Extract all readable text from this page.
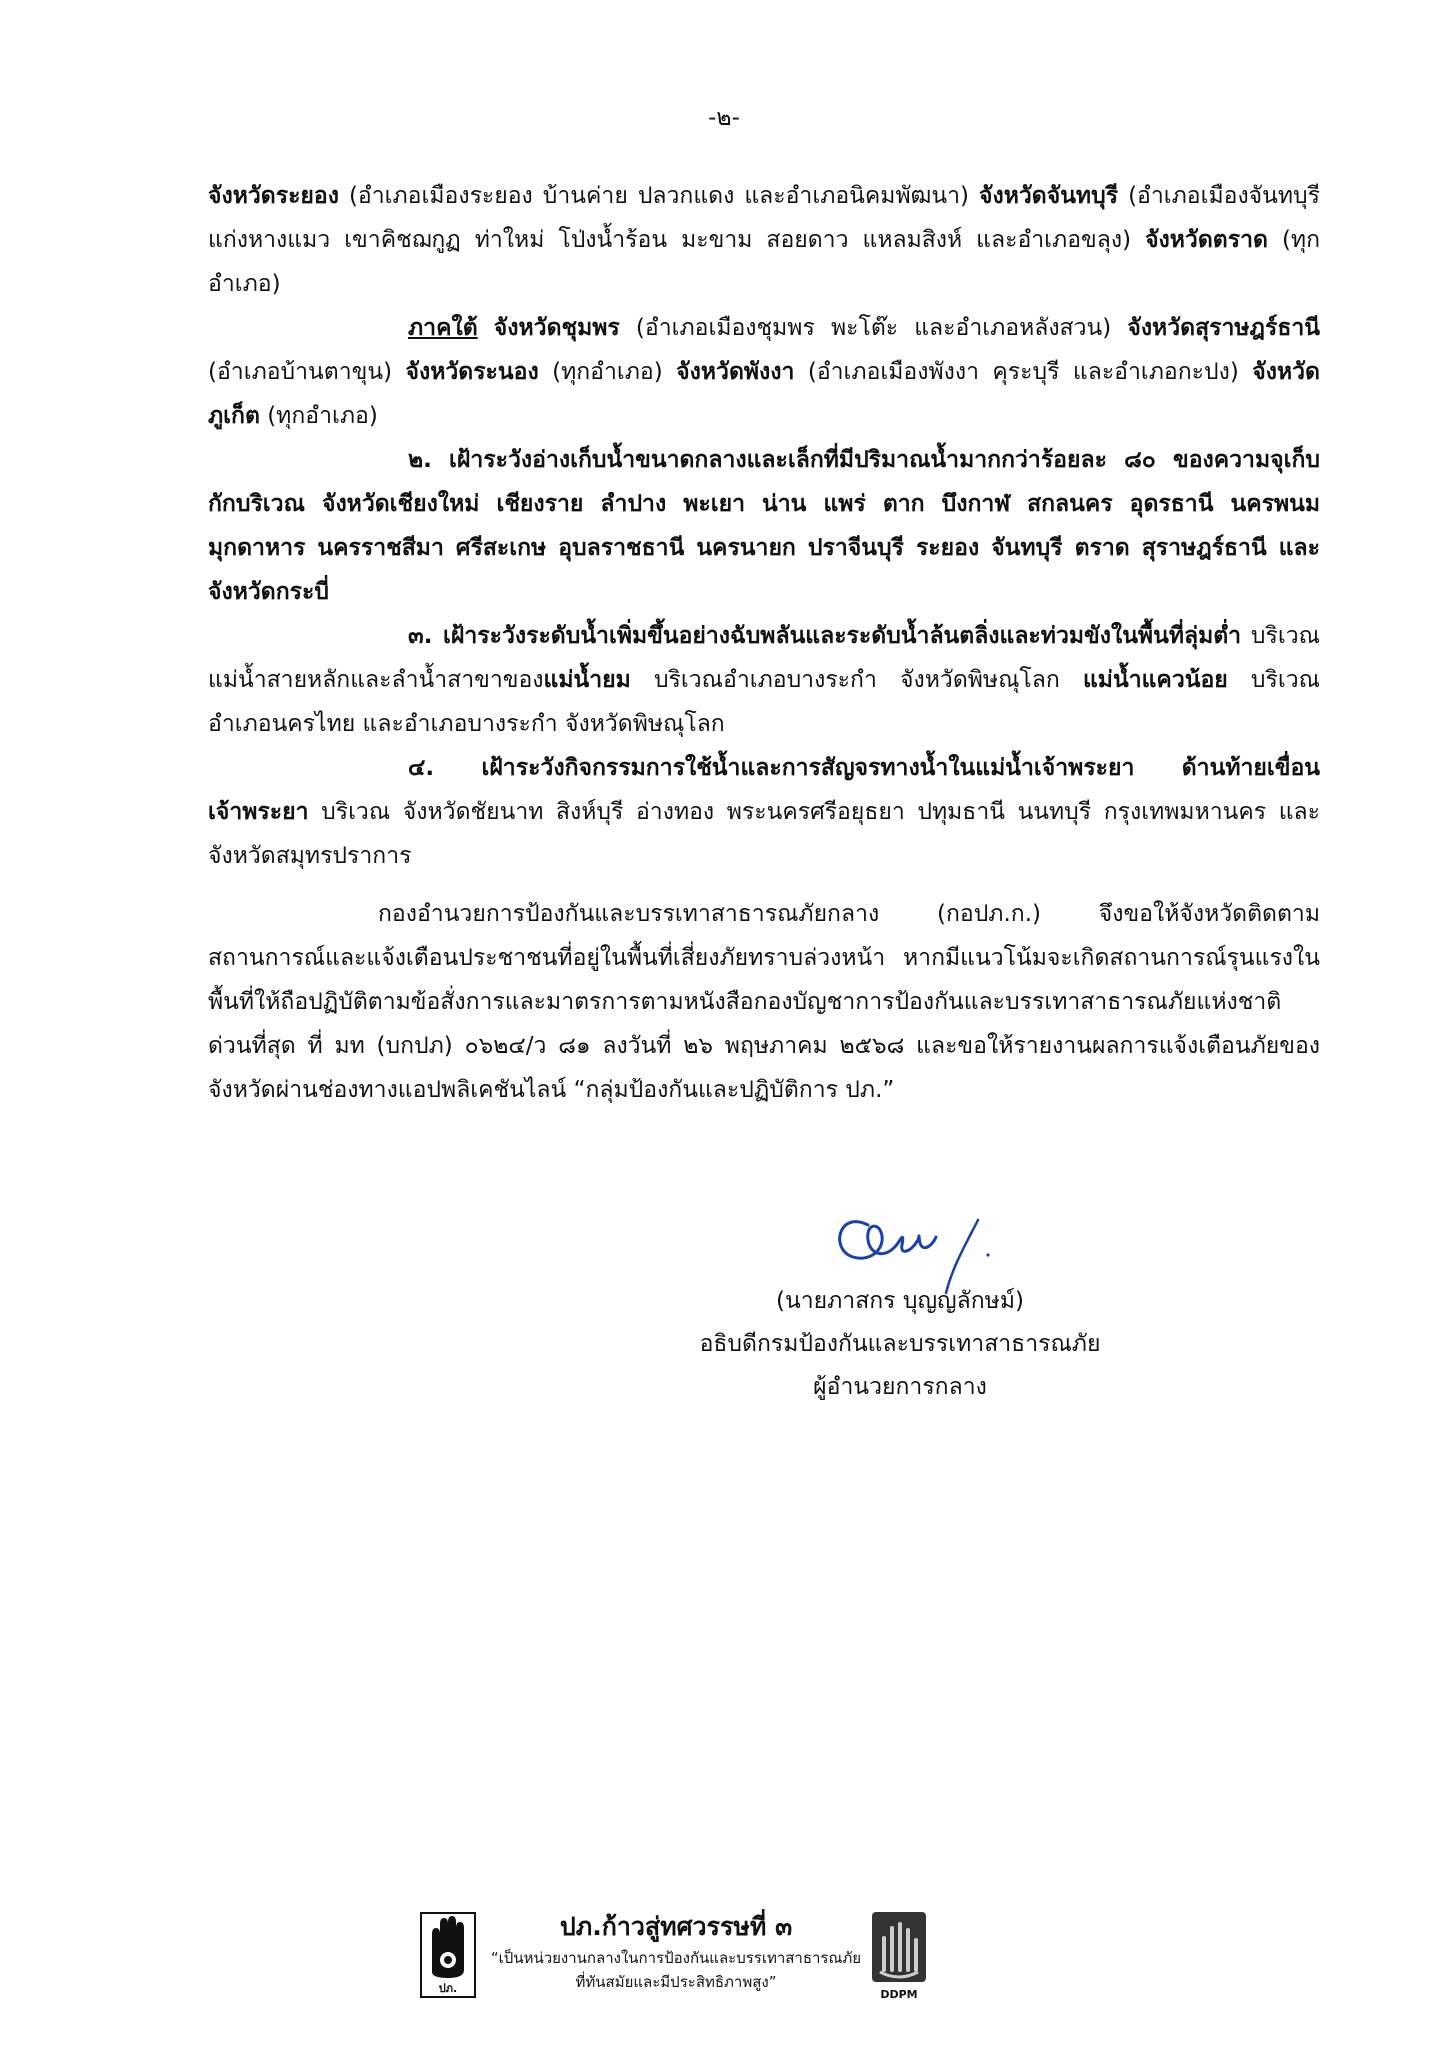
-๒-

จังหวัดระยอง (อำเภอเมืองระยอง บ้านค่าย ปลวกแดง และอำเภอนิคมพัฒนา) จังหวัดจันทบุรี (อำเภอเมืองจันทบุรี แก่งหางแมว เขาคิชฌกูฏ ท่าใหม่ โป่งน้ำร้อน มะขาม สอยดาว แหลมสิงห์ และอำเภอขลุง) จังหวัดตราด (ทุกอำเภอ)

ภาคใต้ จังหวัดชุมพร (อำเภอเมืองชุมพร พะโต๊ะ และอำเภอหลังสวน) จังหวัดสุราษฎร์ธานี (อำเภอบ้านตาขุน) จังหวัดระนอง (ทุกอำเภอ) จังหวัดพังงา (อำเภอเมืองพังงา คุระบุรี และอำเภอกะปง) จังหวัดภูเก็ต (ทุกอำเภอ)

๒. เฝ้าระวังอ่างเก็บน้ำขนาดกลางและเล็กที่มีปริมาณน้ำมากกว่าร้อยละ ๘๐ ของความจุเก็บกักบริเวณ จังหวัดเชียงใหม่ เชียงราย ลำปาง พะเยา น่าน แพร่ ตาก บึงกาฬ สกลนคร อุดรธานี นครพนม มุกดาหาร นครราชสีมา ศรีสะเกษ อุบลราชธานี นครนายก ปราจีนบุรี ระยอง จันทบุรี ตราด สุราษฎร์ธานี และจังหวัดกระบี่

๓. เฝ้าระวังระดับน้ำเพิ่มขึ้นอย่างฉับพลันและระดับน้ำล้นตลิ่งและท่วมขังในพื้นที่ลุ่มต่ำ บริเวณแม่น้ำสายหลักและลำน้ำสาขาของแม่น้ำยม บริเวณอำเภอบางระกำ จังหวัดพิษณุโลก แม่น้ำแควน้อย บริเวณอำเภอนครไทย และอำเภอบางระกำ จังหวัดพิษณุโลก

๔. เฝ้าระวังกิจกรรมการใช้น้ำและการสัญจรทางน้ำในแม่น้ำเจ้าพระยา ด้านท้ายเขื่อนเจ้าพระยา บริเวณ จังหวัดชัยนาท สิงห์บุรี อ่างทอง พระนครศรีอยุธยา ปทุมธานี นนทบุรี กรุงเทพมหานคร และจังหวัดสมุทรปราการ

กองอำนวยการป้องกันและบรรเทาสาธารณภัยกลาง (กอปภ.ก.) จึงขอให้จังหวัดติดตามสถานการณ์และแจ้งเตือนประชาชนที่อยู่ในพื้นที่เสี่ยงภัยทราบล่วงหน้า หากมีแนวโน้มจะเกิดสถานการณ์รุนแรงในพื้นที่ให้ถือปฏิบัติตามข้อสั่งการและมาตรการตามหนังสือกองบัญชาการป้องกันและบรรเทาสาธารณภัยแห่งชาติ ด่วนที่สุด ที่ มท (บกปภ) ๐๖๒๔/ว ๘๑ ลงวันที่ ๒๖ พฤษภาคม ๒๕๖๘ และขอให้รายงานผลการแจ้งเตือนภัยของจังหวัดผ่านช่องทางแอปพลิเคชันไลน์ “กลุ่มป้องกันและปฏิบัติการ ปภ.”

(นายภาสกร บุญญลักษม์)
อธิบดีกรมป้องกันและบรรเทาสาธารณภัย
ผู้อำนวยการกลาง
ปภ.
ปภ.ก้าวสู่ทศวรรษที่ ๓
“เป็นหน่วยงานกลางในการป้องกันและบรรเทาสาธารณภัย
ที่ทันสมัยและมีประสิทธิภาพสูง”
DDPM
